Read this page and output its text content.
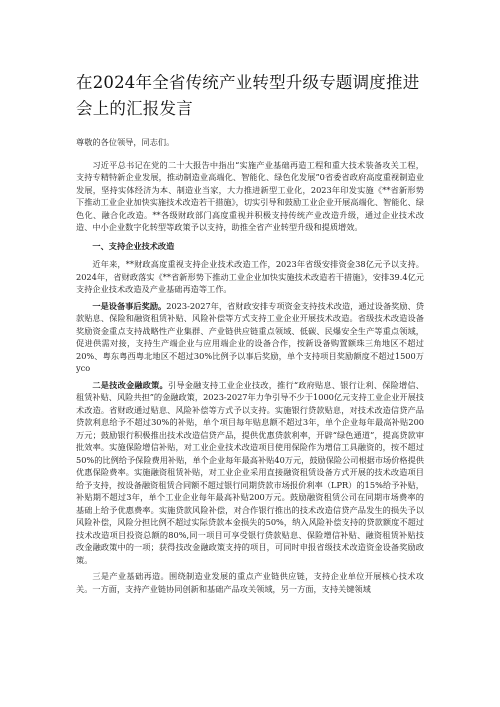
在2024年全省传统产业转型升级专题调度推进会上的汇报发言
尊敬的各位领导，同志们。

习近平总书记在党的二十大报告中指出“实施产业基础再造工程和重大技术装备攻关工程，支持专精特新企业发展，推动制造业高端化、智能化、绿色化发展”0省委省政府高度重视制造业发展，坚持实体经济为本、制造业当家，大力推进新型工业化，2023年印发实施《**省新形势下推动工业企业加快实施技术改造若干措施》，切实引导和鼓励工业企业开展高端化、智能化、绿色化、融合化改造。**各级财政部门高度重视并积极支持传统产业改造升级，通过企业技术改造、中小企业数字化转型等政策予以支持，助推全省产业转型升级和提质增效。

一、支持企业技术改造

近年来，**财政高度重视支持企业技术改造工作，2023年省级安排资金38亿元予以支持。2024年，省财政落实《**省新形势下推动工业企业加快实施技术改造若干措施》，安排39.4亿元支持企业技术改造及产业基础再造等工作。

一是设备事后奖励。2023-2027年，省财政安排专项资金支持技术改造，通过设备奖励、贷款贴息、保险和融资租赁补贴、风险补偿等方式支持工业企业开展技术改造。省级技术改造设备奖励资金重点支持战略性产业集群、产业链供应链重点领域、低碳、民爆安全生产等重点领域，促进供需对接，支持生产端企业与应用端企业的设备合作，按新设备购置额珠三角地区不超过20%、粤东粤西粤北地区不超过30%比例予以事后奖励，单个支持项目奖励额度不超过1500万yco

二是技改金融政策。引导金融支持工业企业技改，推行“政府贴息、银行让利、保险增信、租赁补贴、风险共担”的金融政策，2023-2027年力争引导不少于1000亿元支持工业企业开展技术改造。省财政通过贴息、风险补偿等方式予以支持。实施银行贷款贴息，对技术改造信贷产品贷款利息给予不超过30%的补贴，单个项目每年贴息额不超过3年，单个企业每年最高补贴200万元；鼓励银行积极推出技术改造信贷产品，提供优惠贷款利率，开辟“绿色通道”，提高贷款审批效率。实施保险增信补贴，对工业企业技术改造项目使用保险作为增信工具融资的，按不超过50%的比例给予保险费用补贴，单个企业每年最高补贴40万元，鼓励保险公司根据市场价格提供优惠保险费率。实施融资租赁补贴，对工业企业采用直接融资租赁设备方式开展的技术改造项目给予支持，按设备融资租赁合同额不超过银行同期贷款市场报价利率（LPR）的15%给予补贴，补贴期不超过3年，单个工业企业每年最高补贴200万元。鼓励融资租赁公司在同期市场费率的基础上给予优惠费率。实施贷款风险补偿，对合作银行推出的技术改造信贷产品发生的损失予以风险补偿，风险分担比例不超过实际贷款本金损失的50%，纳入风险补偿支持的贷款额度不超过技术改造项目投资总额的80%,同一项目可享受银行贷款贴息、保险增信补贴、融资租赁补贴技改金融政策中的一项；获得技改金融政策支持的项目，可同时申报省级技术改造资金设备奖励政策。

三是产业基础再造。围绕制造业发展的重点产业链供应链，支持企业单位开展核心技术攻关。一方面，支持产业链协同创新和基础产品攻关领域，另一方面，支持关键领域
